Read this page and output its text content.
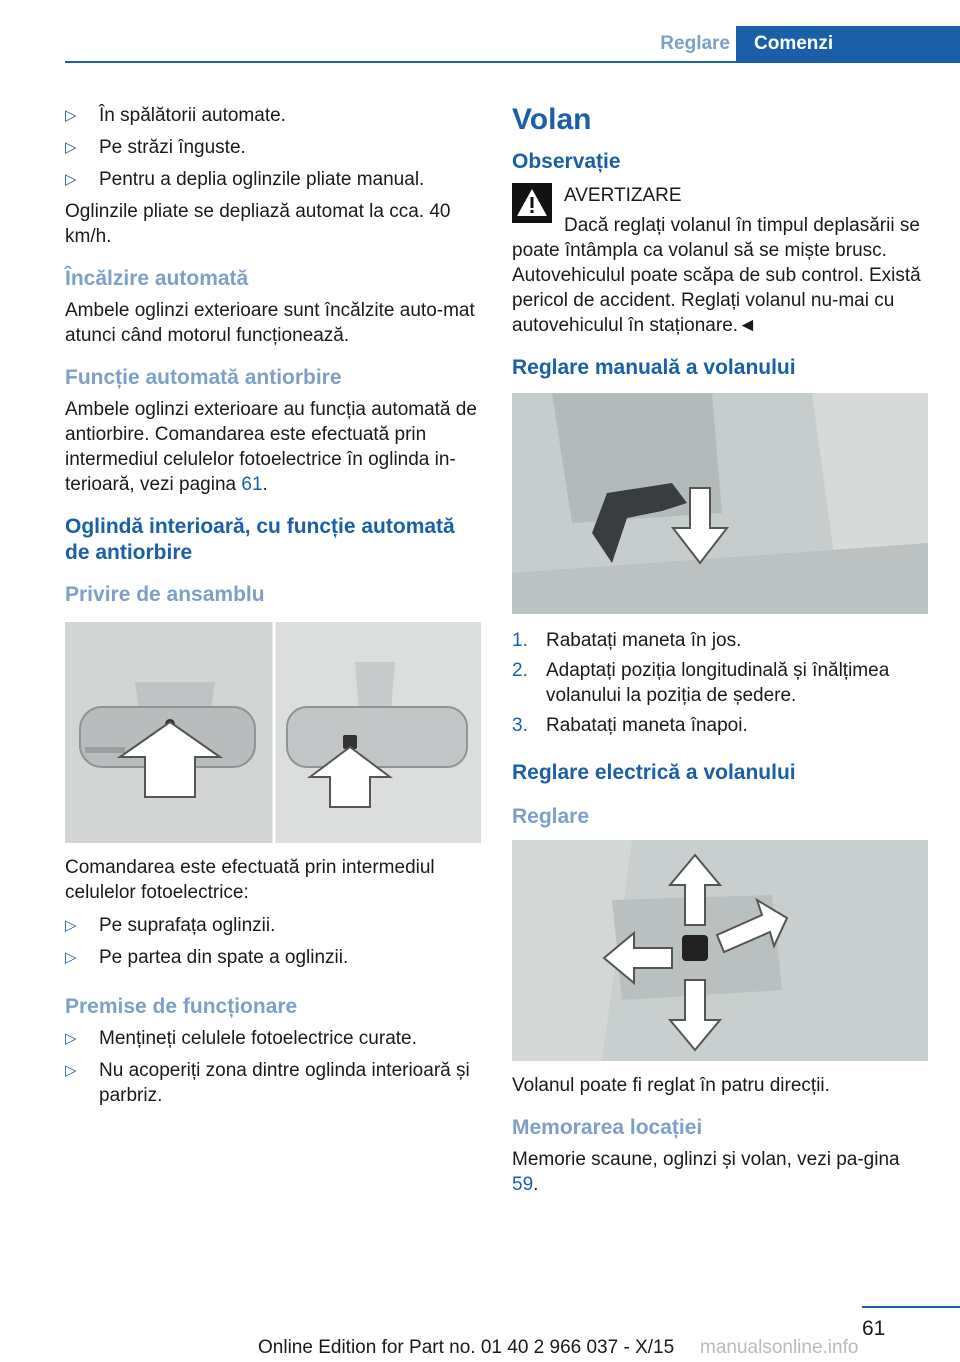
Reglare	Comenzi
▷ În spălătorii automate.
▷ Pe străzi înguste.
▷ Pentru a deplia oglinzile pliate manual.

Oglinzile pliate se depliază automat la cca. 40 km/h.

Încălzire automată

Ambele oglinzi exterioare sunt încălzite auto‐mat atunci când motorul funcționează.

Funcție automată antiorbire

Ambele oglinzi exterioare au funcția automată de antiorbire. Comandarea este efectuată prin intermediul celulelor fotoelectrice în oglinda in‐terioară, vezi pagina 61.

Oglindă interioară, cu funcție automată de antiorbire
Privire de ansamblu

Comandarea este efectuată prin intermediul celulelor fotoelectrice:

▷ Pe suprafața oglinzii.
▷ Pe partea din spate a oglinzii.
Premise de funcționare
▷ Mențineți celulele fotoelectrice curate.
▷ Nu acoperiți zona dintre oglinda interioară și parbriz.
Volan
Observație
AVERTIZARE

Dacă reglați volanul în timpul deplasării se poate întâmpla ca volanul să se miște brusc. Autovehiculul poate scăpa de sub control. Există pericol de accident. Reglați volanul nu‐mai cu autovehiculul în staționare.◄

Reglare manuală a volanului
1. Rabatați maneta în jos.
2. Adaptați poziția longitudinală și înălțimea volanului la poziția de ședere.
3. Rabatați maneta înapoi.
Reglare electrică a volanului
Reglare

Volanul poate fi reglat în patru direcții.

Memorarea locației

Memorie scaune, oglinzi și volan, vezi pa‐gina 59.

61
Online Edition for Part no. 01 40 2 966 037 - X/15 manualsonline.info
